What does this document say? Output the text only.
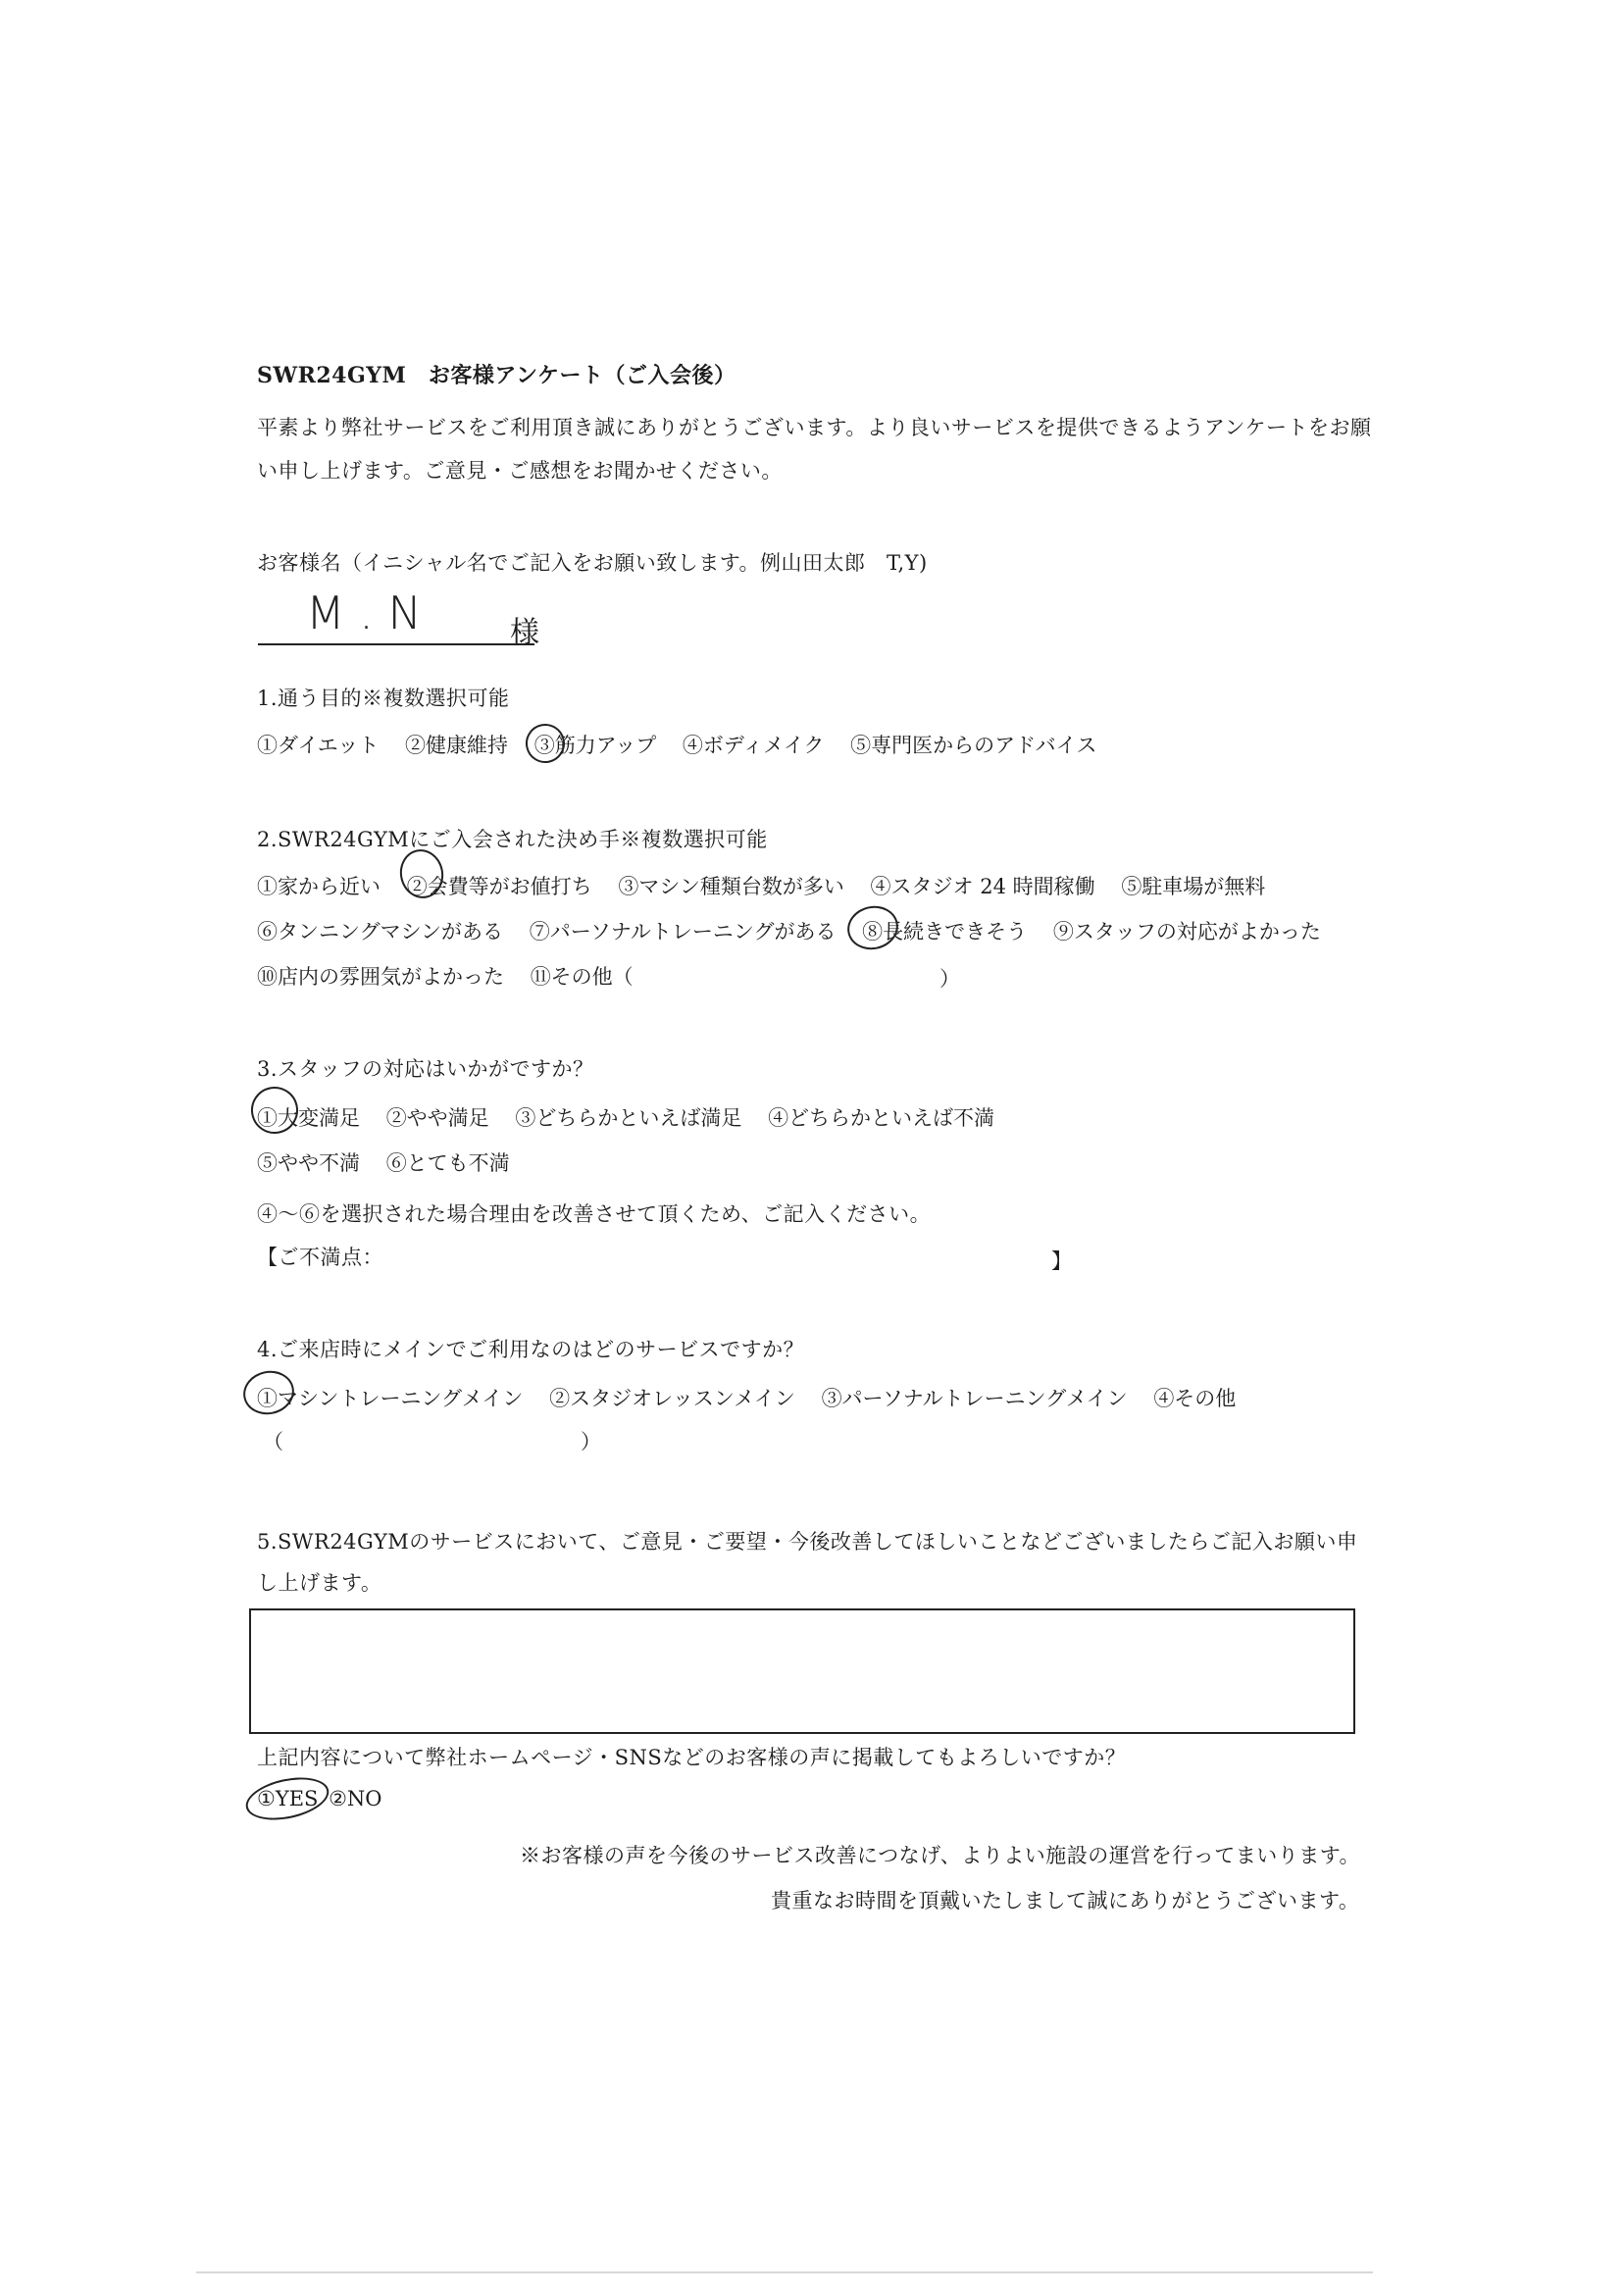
SWR24GYM　お客様アンケート（ご入会後）
平素より弊社サービスをご利用頂き誠にありがとうございます。より良いサービスを提供できるようアンケートをお願
い申し上げます。ご意見・ご感想をお聞かせください。
お客様名（イニシャル名でご記入をお願い致します。例山田太郎　T,Y)
M . N	様
1.通う目的※複数選択可能
①ダイエット ②健康維持 ③筋力アップ ④ボディメイク ⑤専門医からのアドバイス
2.SWR24GYMにご入会された決め手※複数選択可能
①家から近い ②会費等がお値打ち ③マシン種類台数が多い ④スタジオ 24 時間稼働 ⑤駐車場が無料
⑥タンニングマシンがある ⑦パーソナルトレーニングがある ⑧長続きできそう ⑨スタッフの対応がよかった
⑩店内の雰囲気がよかった ⑪その他（	）
3.スタッフの対応はいかがですか？
①大変満足 ②やや満足 ③どちらかといえば満足 ④どちらかといえば不満
⑤やや不満 ⑥とても不満
④～⑥を選択された場合理由を改善させて頂くため、ご記入ください。
【ご不満点：	】
4.ご来店時にメインでご利用なのはどのサービスですか？
①マシントレーニングメイン ②スタジオレッスンメイン ③パーソナルトレーニングメイン ④その他
（	）
5.SWR24GYMのサービスにおいて、ご意見・ご要望・今後改善してほしいことなどございましたらご記入お願い申
し上げます。
上記内容について弊社ホームページ・SNSなどのお客様の声に掲載してもよろしいですか？
①YES ②NO
※お客様の声を今後のサービス改善につなげ、よりよい施設の運営を行ってまいります。
貴重なお時間を頂戴いたしまして誠にありがとうございます。
